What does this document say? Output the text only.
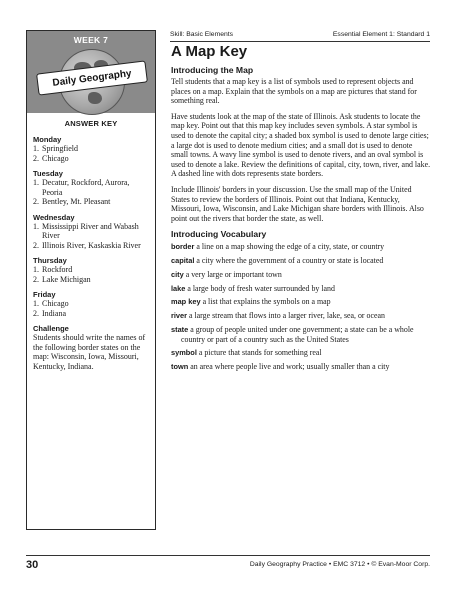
WEEK 7
Daily Geography
ANSWER KEY

Monday

1. Springfield
2. Chicago

Tuesday

1. Decatur, Rockford, Aurora, Peoria
2. Bentley, Mt. Pleasant

Wednesday

1. Mississippi River and Wabash River
2. Illinois River, Kaskaskia River

Thursday

1. Rockford
2. Lake Michigan

Friday

1. Chicago
2. Indiana

Challenge

Students should write the names of the following border states on the map: Wisconsin, Iowa, Missouri, Kentucky, Indiana.
Skill: Basic Elements	Essential Element 1: Standard 1
A Map Key
Introducing the Map

Tell students that a map key is a list of symbols used to represent objects and places on a map. Explain that the symbols on a map are pictures that stand for something real.

Have students look at the map of the state of Illinois. Ask students to locate the map key. Point out that this map key includes seven symbols. A star symbol is used to denote the capital city; a shaded box symbol is used to denote large cities; a large dot is used to denote medium cities; and a small dot is used to denote small towns. A wavy line symbol is used to denote rivers, and an oval symbol is used to denote a lake. Review the definitions of capital, city, town, river, and lake. A dashed line with dots represents state borders.

Include Illinois' borders in your discussion. Use the small map of the United States to review the borders of Illinois. Point out that Indiana, Kentucky, Missouri, Iowa, Wisconsin, and Lake Michigan share borders with Illinois. Also point out the rivers that border the state, as well.

Introducing Vocabulary
border a line on a map showing the edge of a city, state, or country
capital a city where the government of a country or state is located
city a very large or important town
lake a large body of fresh water surrounded by land
map key a list that explains the symbols on a map
river a large stream that flows into a larger river, lake, sea, or ocean
state a group of people united under one government; a state can be a whole country or part of a country such as the United States
symbol a picture that stands for something real
town an area where people live and work; usually smaller than a city
30	Daily Geography Practice • EMC 3712 • © Evan-Moor Corp.
